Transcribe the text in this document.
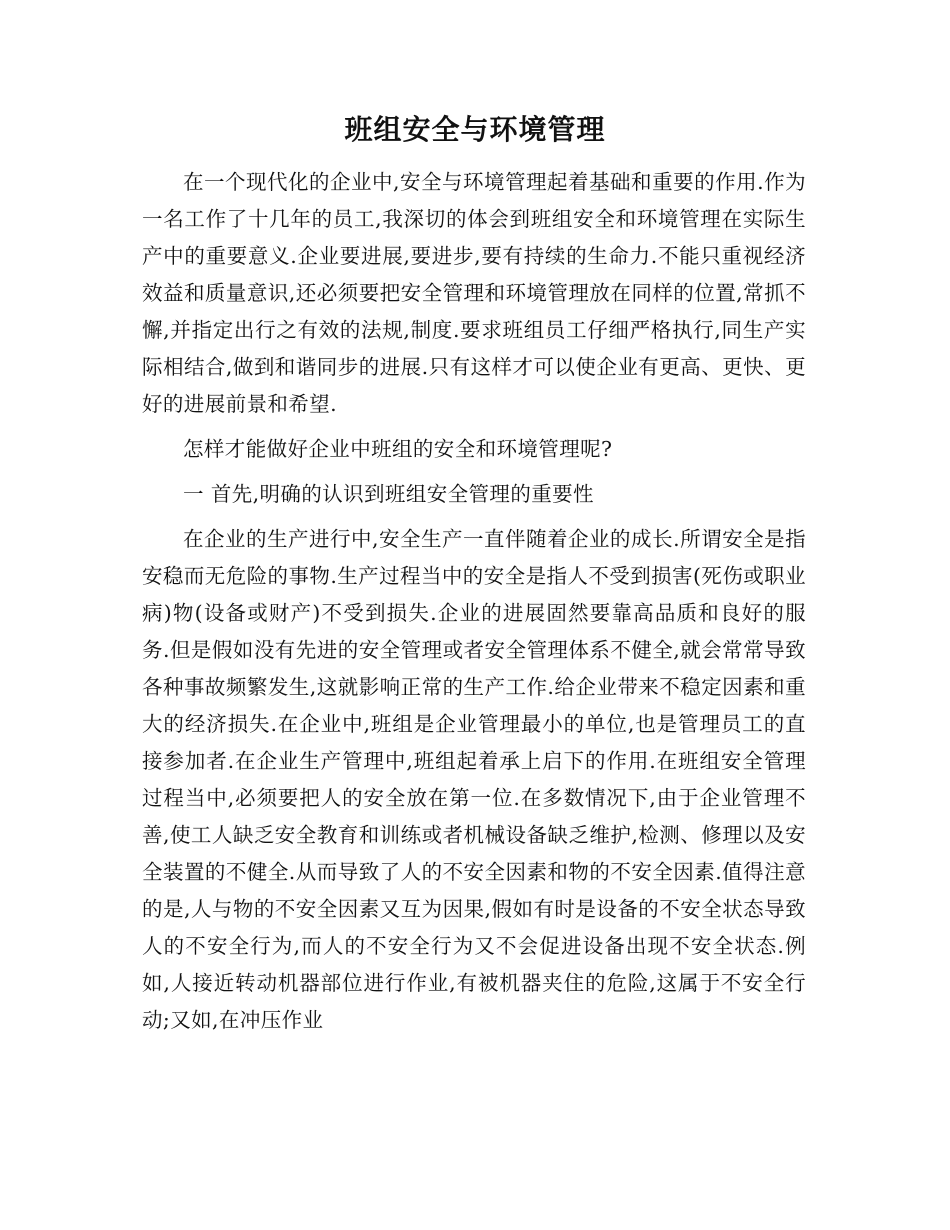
班组安全与环境管理

在一个现代化的企业中,安全与环境管理起着基础和重要的作用.作为一名工作了十几年的员工,我深切的体会到班组安全和环境管理在实际生产中的重要意义.企业要进展,要进步,要有持续的生命力.不能只重视经济效益和质量意识,还必须要把安全管理和环境管理放在同样的位置,常抓不懈,并指定出行之有效的法规,制度.要求班组员工仔细严格执行,同生产实际相结合,做到和谐同步的进展.只有这样才可以使企业有更高、更快、更好的进展前景和希望.

怎样才能做好企业中班组的安全和环境管理呢?

一 首先,明确的认识到班组安全管理的重要性

在企业的生产进行中,安全生产一直伴随着企业的成长.所谓安全是指安稳而无危险的事物.生产过程当中的安全是指人不受到损害(死伤或职业病)物(设备或财产)不受到损失.企业的进展固然要靠高品质和良好的服务.但是假如没有先进的安全管理或者安全管理体系不健全,就会常常导致各种事故频繁发生,这就影响正常的生产工作.给企业带来不稳定因素和重大的经济损失.在企业中,班组是企业管理最小的单位,也是管理员工的直接参加者.在企业生产管理中,班组起着承上启下的作用.在班组安全管理过程当中,必须要把人的安全放在第一位.在多数情况下,由于企业管理不善,使工人缺乏安全教育和训练或者机械设备缺乏维护,检测、修理以及安全装置的不健全.从而导致了人的不安全因素和物的不安全因素.值得注意的是,人与物的不安全因素又互为因果,假如有时是设备的不安全状态导致人的不安全行为,而人的不安全行为又不会促进设备出现不安全状态.例如,人接近转动机器部位进行作业,有被机器夹住的危险,这属于不安全行动;又如,在冲压作业
